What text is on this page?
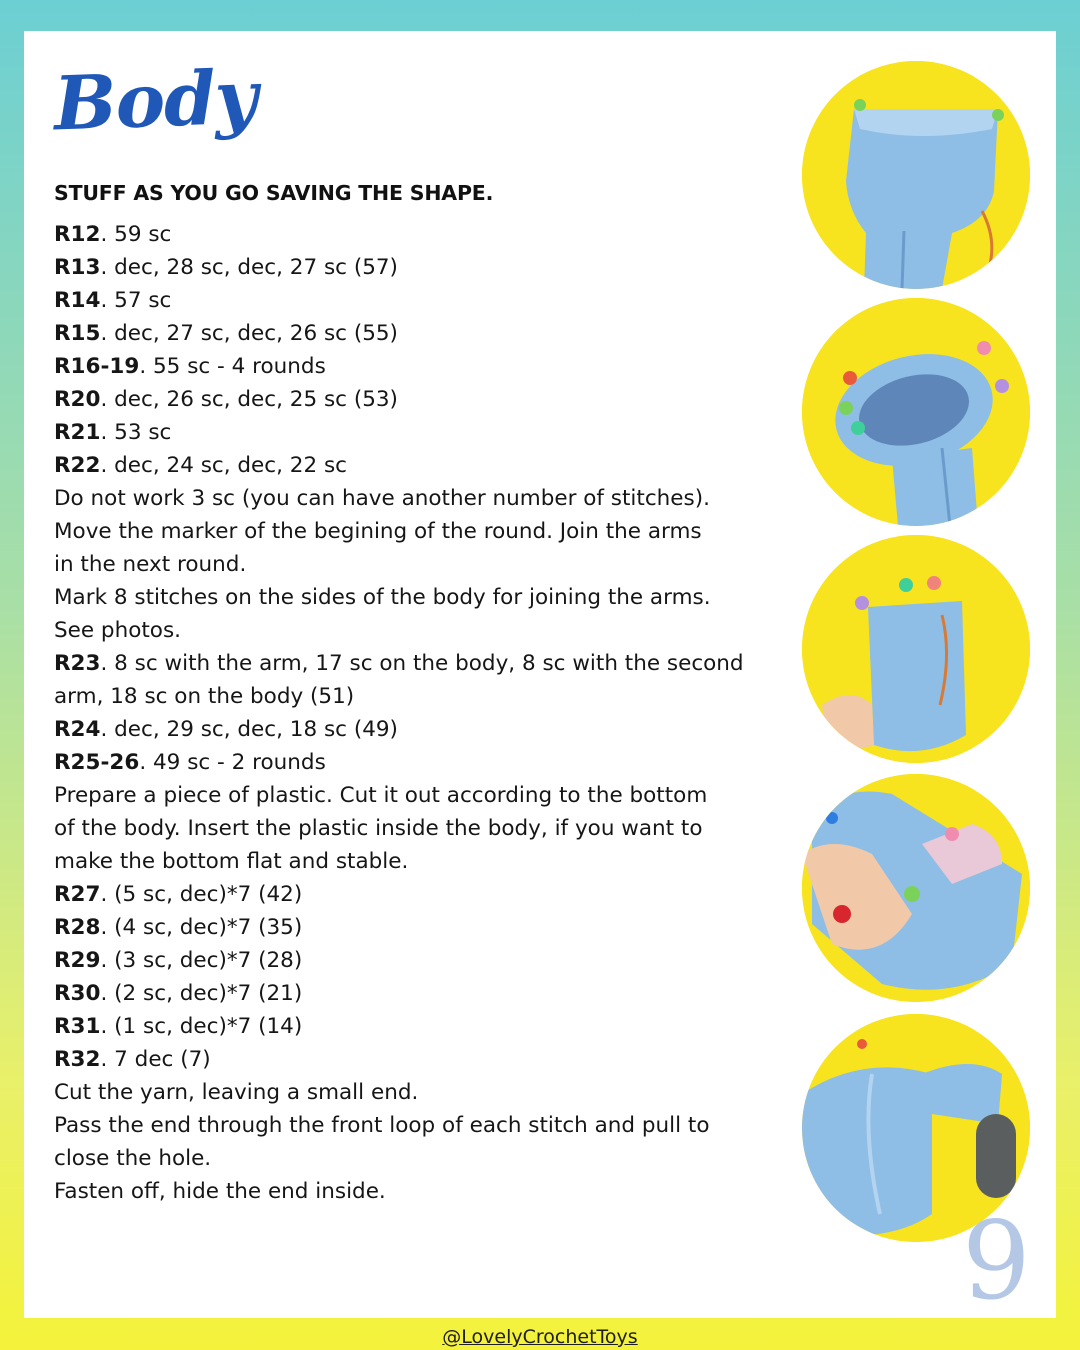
Body
STUFF AS YOU GO SAVING THE SHAPE.
R12. 59 sc
R13. dec, 28 sc, dec, 27 sc (57)
R14. 57 sc
R15. dec, 27 sc, dec, 26 sc (55)
R16-19. 55 sc - 4 rounds
R20. dec, 26 sc, dec, 25 sc (53)
R21. 53 sc
R22. dec, 24 sc, dec, 22 sc
Do not work 3 sc (you can have another number of stitches).
Move the marker of the begining of the round. Join the arms
in the next round.
Mark 8 stitches on the sides of the body for joining the arms.
See photos.
R23. 8 sc with the arm, 17 sc on the body, 8 sc with the second
arm, 18 sc on the body (51)
R24. dec, 29 sc, dec, 18 sc (49)
R25-26. 49 sc - 2 rounds
Prepare a piece of plastic. Cut it out according to the bottom
of the body. Insert the plastic inside the body, if you want to
make the bottom flat and stable.
R27. (5 sc, dec)*7 (42)
R28. (4 sc, dec)*7 (35)
R29. (3 sc, dec)*7 (28)
R30. (2 sc, dec)*7 (21)
R31. (1 sc, dec)*7 (14)
R32. 7 dec (7)
Cut the yarn, leaving a small end.
Pass the end through the front loop of each stitch and pull to
close the hole.
Fasten off, hide the end inside.
9
@LovelyCrochetToys
